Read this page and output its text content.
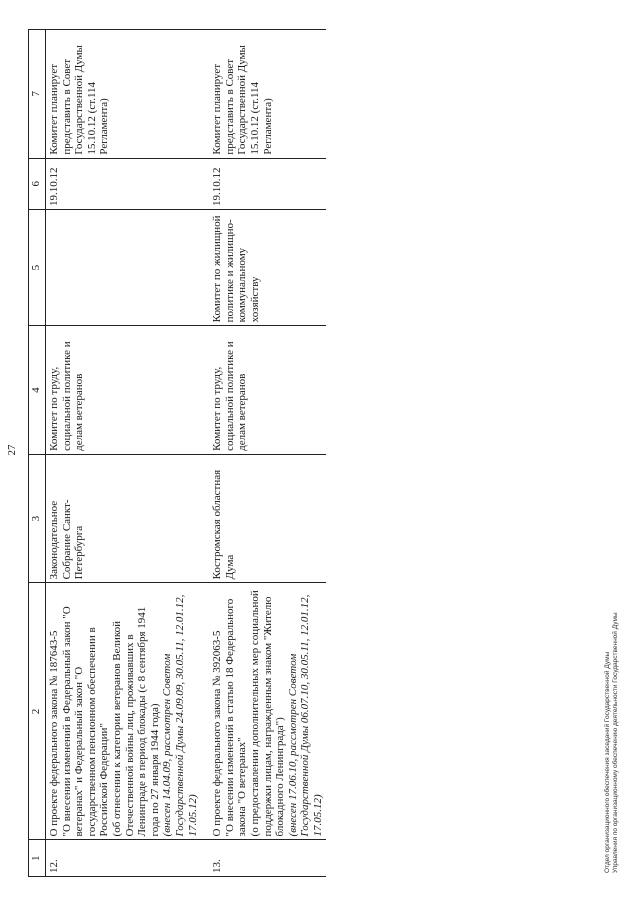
27
1	2	3	4	5	6	7
12.	О проекте федерального закона № 187643-5 "О внесении изменений в Федеральный закон "О ветеранах" и Федеральный закон "О государственном пенсионном обеспечении в Российской Федерации" (об отнесении к категории ветеранов Великой Отечественной войны лиц, проживавших в Ленинграде в период блокады (с 8 сентября 1941 года по 27 января 1944 года) (внесен 14.04.09, рассмотрен Советом Государственной Думы 24.09.09, 30.05.11, 12.01.12, 17.05.12)	Законодательное Собрание Санкт-Петербурга	Комитет по труду, социальной политике и делам ветеранов		19.10.12	Комитет планирует представить в Совет Государственной Думы 15.10.12 (ст.114 Регламента)
13.	О проекте федерального закона № 392063-5 "О внесении изменений в статью 18 Федерального закона "О ветеранах" (о предоставлении дополнительных мер социальной поддержки лицам, награжденным знаком "Жителю блокадного Ленинграда") (внесен 17.06.10, рассмотрен Советом Государственной Думы 06.07.10, 30.05.11, 12.01.12, 17.05.12)	Костромская областная Дума	Комитет по труду, социальной политике и делам ветеранов	Комитет по жилищной политике и жилищно-коммунальному хозяйству	19.10.12	Комитет планирует представить в Совет Государственной Думы 15.10.12 (ст.114 Регламента)
Отдел организационного обеспечения заседаний Государственной Думы Управления по организационному обеспечению деятельности Государственной Думы
